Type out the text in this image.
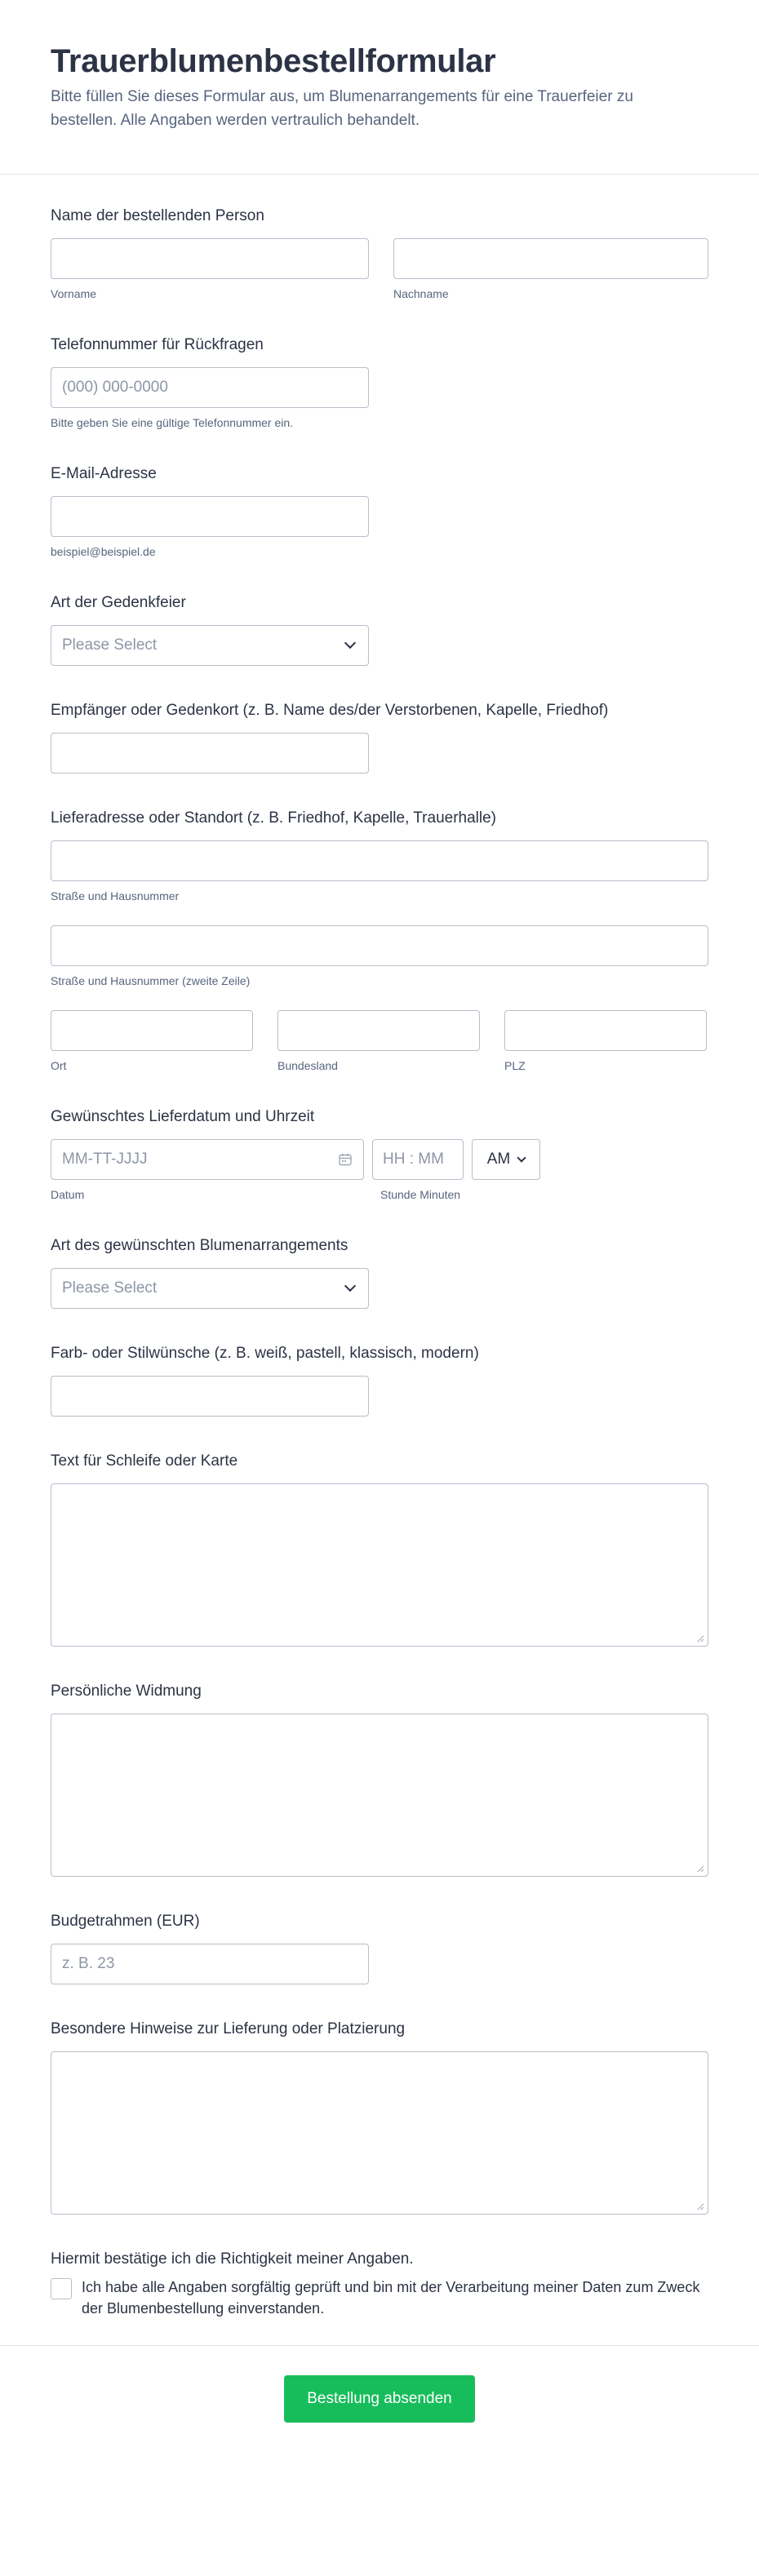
Trauerblumenbestellformular

Bitte füllen Sie dieses Formular aus, um Blumenarrangements für eine Trauerfeier zu bestellen. Alle Angaben werden vertraulich behandelt.

Name der bestellenden Person
Vorname	Nachname
Telefonnummer für Rückfragen
(000) 000-0000
Bitte geben Sie eine gültige Telefonnummer ein.
E-Mail-Adresse
beispiel@beispiel.de
Art der Gedenkfeier
Please Select
Empfänger oder Gedenkort (z. B. Name des/der Verstorbenen, Kapelle, Friedhof)
Lieferadresse oder Standort (z. B. Friedhof, Kapelle, Trauerhalle)
Straße und Hausnummer
Straße und Hausnummer (zweite Zeile)
Ort	Bundesland	PLZ
Gewünschtes Lieferdatum und Uhrzeit
MM-TT-JJJJ	HH : MM	AM
Datum	Stunde Minuten
Art des gewünschten Blumenarrangements
Please Select
Farb- oder Stilwünsche (z. B. weiß, pastell, klassisch, modern)
Text für Schleife oder Karte
Persönliche Widmung
Budgetrahmen (EUR)
z. B. 23
Besondere Hinweise zur Lieferung oder Platzierung
Hiermit bestätige ich die Richtigkeit meiner Angaben.
Ich habe alle Angaben sorgfältig geprüft und bin mit der Verarbeitung meiner Daten zum Zweck der Blumenbestellung einverstanden.
Bestellung absenden
